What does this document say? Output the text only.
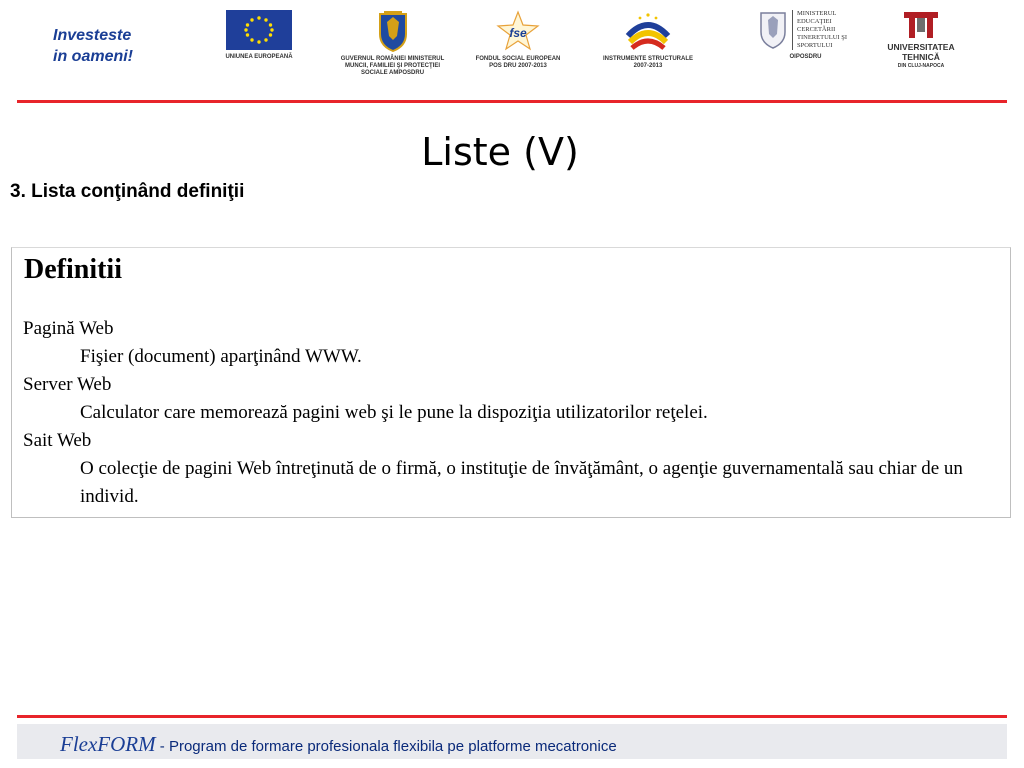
Investeste
in oameni!	UNIUNEA EUROPEANĂ	GUVERNUL ROMÂNIEI MINISTERUL MUNCII, FAMILIEI ŞI PROTECŢIEI SOCIALE AMPOSDRU
fse
FONDUL SOCIAL EUROPEAN POS DRU 2007-2013
INSTRUMENTE STRUCTURALE 2007-2013
MINISTERUL EDUCAŢIEI CERCETĂRII TINERETULUI ŞI SPORTULUI
OIPOSDRU
UNIVERSITATEA TEHNICĂ
DIN CLUJ-NAPOCA
Liste (V)
3. Lista conţinând definiţii
Definitii
Pagină Web
Fişier (document) aparţinând WWW.
Server Web
Calculator care memorează pagini web şi le pune la dispoziţia utilizatorilor reţelei.
Sait Web
O colecţie de pagini Web întreţinută de o firmă, o instituţie de învăţământ, o agenţie guvernamentală sau chiar de un individ.
FlexFORM - Program de formare profesionala flexibila pe platforme mecatronice
